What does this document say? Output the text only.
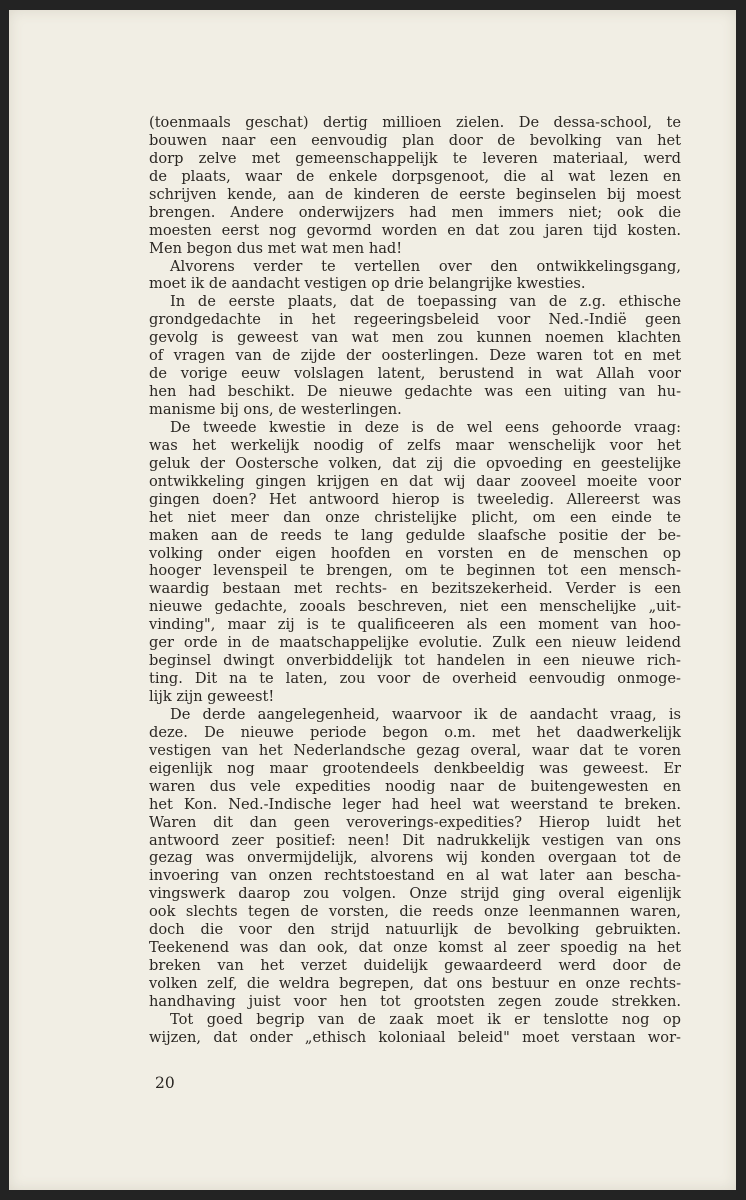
(toenmaals geschat) dertig millioen zielen. De dessa-school, te
bouwen naar een eenvoudig plan door de bevolking van het
dorp zelve met gemeenschappelijk te leveren materiaal, werd
de plaats, waar de enkele dorpsgenoot, die al wat lezen en
schrijven kende, aan de kinderen de eerste beginselen bij moest
brengen. Andere onderwijzers had men immers niet; ook die
moesten eerst nog gevormd worden en dat zou jaren tijd kosten.
Men begon dus met wat men had!
Alvorens verder te vertellen over den ontwikkelingsgang,
moet ik de aandacht vestigen op drie belangrijke kwesties.
In de eerste plaats, dat de toepassing van de z.g. ethische
grondgedachte in het regeeringsbeleid voor Ned.-Indië geen
gevolg is geweest van wat men zou kunnen noemen klachten
of vragen van de zijde der oosterlingen. Deze waren tot en met
de vorige eeuw volslagen latent, berustend in wat Allah voor
hen had beschikt. De nieuwe gedachte was een uiting van hu-
manisme bij ons, de westerlingen.
De tweede kwestie in deze is de wel eens gehoorde vraag:
was het werkelijk noodig of zelfs maar wenschelijk voor het
geluk der Oostersche volken, dat zij die opvoeding en geestelijke
ontwikkeling gingen krijgen en dat wij daar zooveel moeite voor
gingen doen? Het antwoord hierop is tweeledig. Allereerst was
het niet meer dan onze christelijke plicht, om een einde te
maken aan de reeds te lang geduldе slaafsche positie der be-
volking onder eigen hoofden en vorsten en de menschen op
hooger levenspeil te brengen, om te beginnen tot een mensch-
waardig bestaan met rechts- en bezitszekerheid. Verder is een
nieuwe gedachte, zooals beschreven, niet een menschelijke „uit-
vinding", maar zij is te qualificeeren als een moment van hoo-
ger orde in de maatschappelijke evolutie. Zulk een nieuw leidend
beginsel dwingt onverbiddelijk tot handelen in een nieuwe rich-
ting. Dit na te laten, zou voor de overheid eenvoudig onmoge-
lijk zijn geweest!
De derde aangelegenheid, waarvoor ik de aandacht vraag, is
deze. De nieuwe periode begon o.m. met het daadwerkelijk
vestigen van het Nederlandsche gezag overal, waar dat te voren
eigenlijk nog maar grootendeels denkbeeldig was geweest. Er
waren dus vele expedities noodig naar de buitengewesten en
het Kon. Ned.-Indische leger had heel wat weerstand te breken.
Waren dit dan geen veroverings-expedities? Hierop luidt het
antwoord zeer positief: neen! Dit nadrukkelijk vestigen van ons
gezag was onvermijdelijk, alvorens wij konden overgaan tot de
invoering van onzen rechtstoestand en al wat later aan bescha-
vingswerk daarop zou volgen. Onze strijd ging overal eigenlijk
ook slechts tegen de vorsten, die reeds onze leenmannen waren,
doch die voor den strijd natuurlijk de bevolking gebruikten.
Teekenend was dan ook, dat onze komst al zeer spoedig na het
breken van het verzet duidelijk gewaardeerd werd door de
volken zelf, die weldra begrepen, dat ons bestuur en onze rechts-
handhaving juist voor hen tot grootsten zegen zoude strekken.
Tot goed begrip van de zaak moet ik er tenslotte nog op
wijzen, dat onder „ethisch koloniaal beleid" moet verstaan wor-
20
